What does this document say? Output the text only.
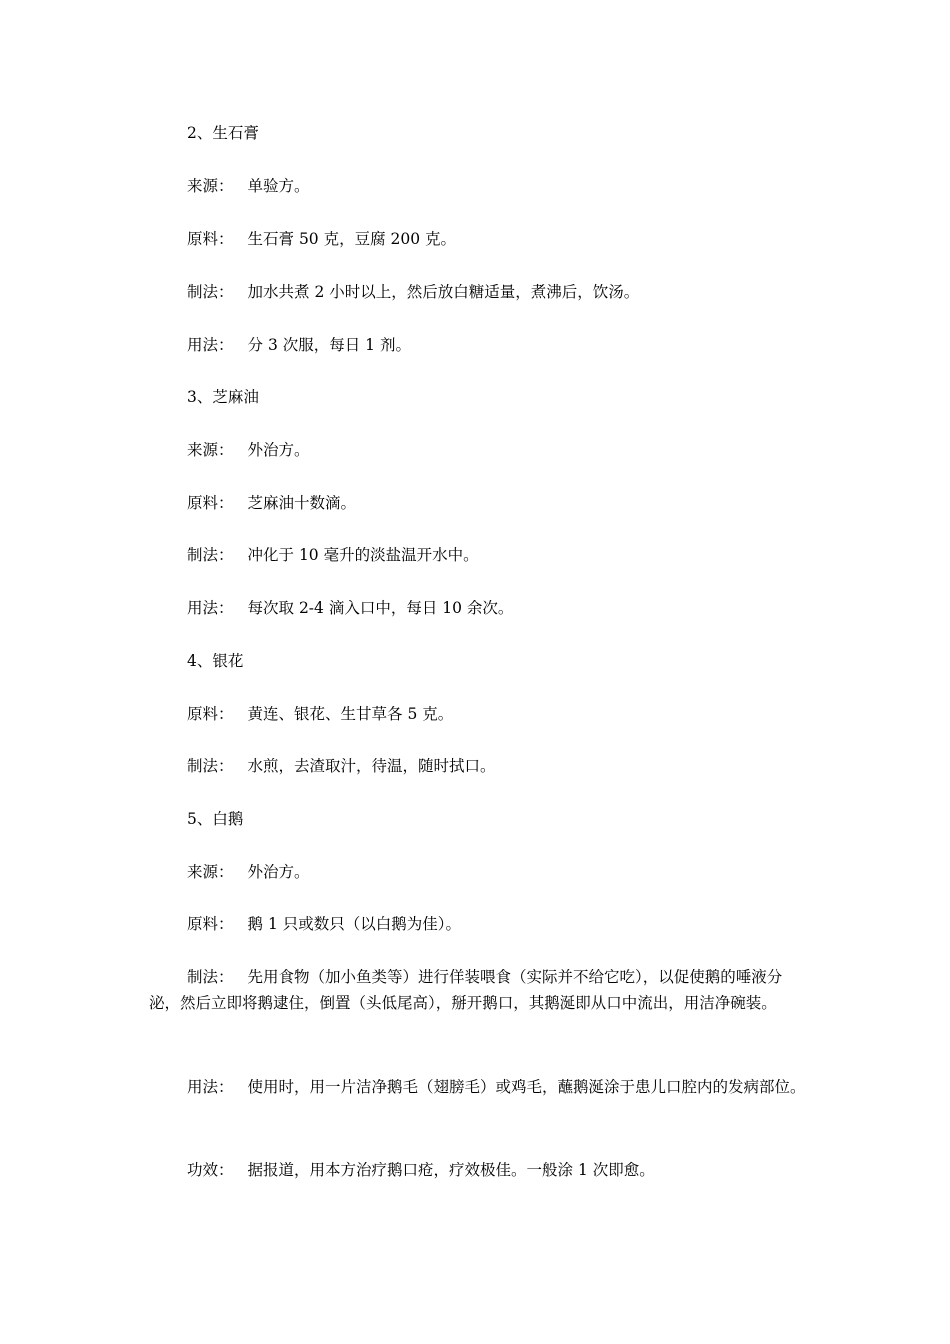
2、生石膏

来源： 单验方。

原料： 生石膏 50 克，豆腐 200 克。

制法： 加水共煮 2 小时以上，然后放白糖适量，煮沸后，饮汤。

用法： 分 3 次服，每日 1 剂。

3、芝麻油

来源： 外治方。

原料： 芝麻油十数滴。

制法： 冲化于 10 毫升的淡盐温开水中。

用法： 每次取 2-4 滴入口中，每日 10 余次。

4、银花

原料： 黄连、银花、生甘草各 5 克。

制法： 水煎，去渣取汁，待温，随时拭口。

5、白鹅

来源： 外治方。

原料： 鹅 1 只或数只（以白鹅为佳）。

制法： 先用食物（加小鱼类等）进行佯装喂食（实际并不给它吃），以促使鹅的唾液分泌，然后立即将鹅逮住，倒置（头低尾高），掰开鹅口，其鹅涎即从口中流出，用洁净碗装。

用法： 使用时，用一片洁净鹅毛（翅膀毛）或鸡毛，蘸鹅涎涂于患儿口腔内的发病部位。

功效： 据报道，用本方治疗鹅口疮，疗效极佳。一般涂 1 次即愈。
